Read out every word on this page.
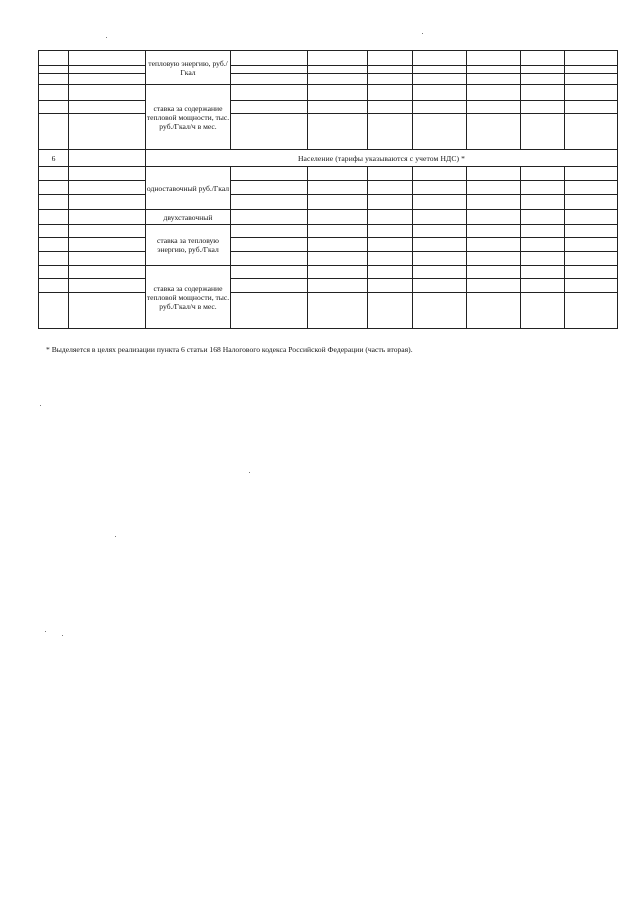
		тепловую энергию, руб./Гкал							

		ставка за содержание тепловой мощности, тыс. руб./Гкал/ч в мес.							

6		Население (тарифы указываются с учетом НДС) *							
		одноставочный руб./Гкал							

		двухставочный							
		ставка за тепловую энергию, руб./Гкал							

		ставка за содержание тепловой мощности, тыс. руб./Гкал/ч в мес.							

* Выделяется в целях реализации пункта 6 статьи 168 Налогового кодекса Российской Федерации (часть вторая).
